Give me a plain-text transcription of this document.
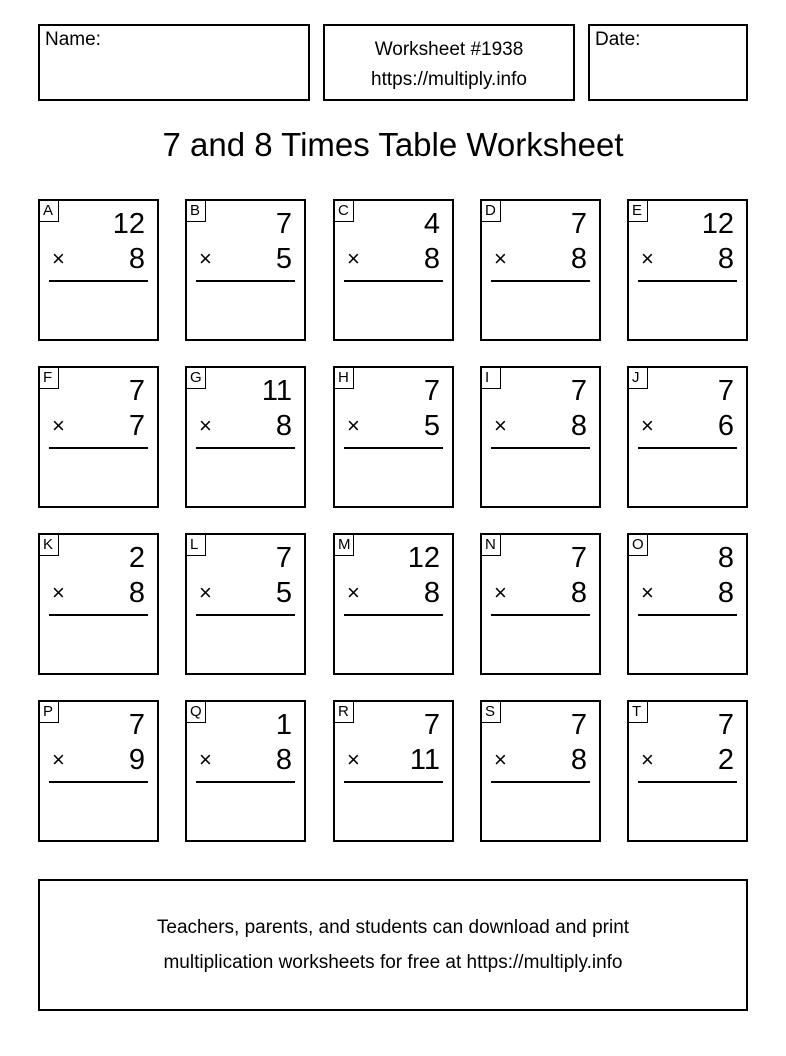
Name:	Worksheet #1938
https://multiply.info
Date:
7 and 8 Times Table Worksheet
A 12
× 8
B	7
× 5
C	4
× 8
D	7
× 8
E 12
× 8
F	7
× 7
G 11
× 8
H	7
× 5
I	7
× 8
J	7
× 6
K	2
× 8
L	7
× 5
M 12
× 8
N	7
× 8
O	8
× 8
P	7
× 9
Q	1
× 8
R	7
× 11
S	7
× 8
T	7
× 2
Teachers, parents, and students can download and print
multiplication worksheets for free at https://multiply.info
